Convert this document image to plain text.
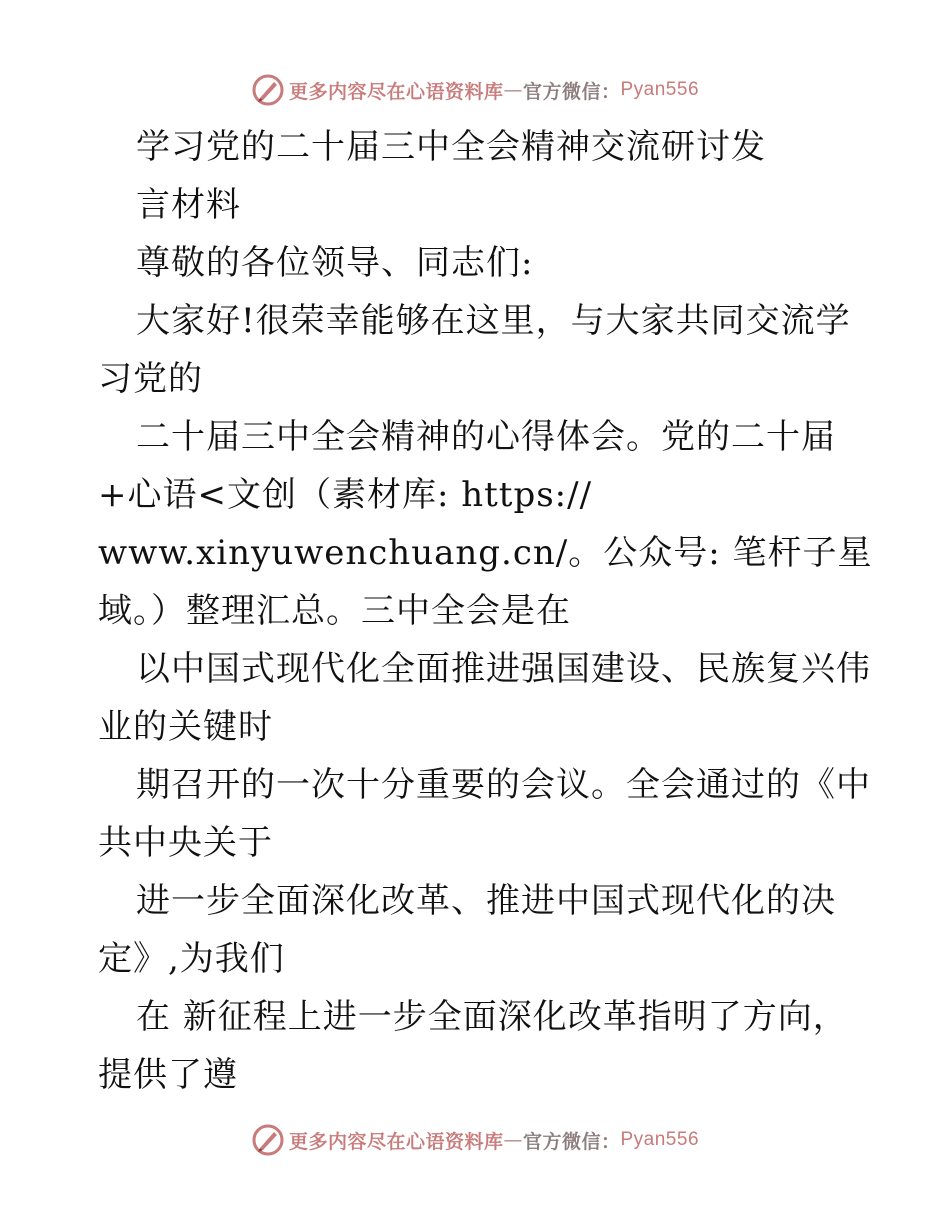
更多内容尽在心语资料库 — 官方微信： Pyan556
学习党的二十届三中全会精神交流研讨发
言材料
尊敬的各位领导、同志们:
大家好!很荣幸能够在这里，与大家共同交流学
习党的
二十届三中全会精神的心得体会。党的二十届
+心语<文创（素材库: https://
www.xinyuwenchuang.cn/。公众号: 笔杆子星
域。）整理汇总。三中全会是在
以中国式现代化全面推进强国建设、民族复兴伟
业的关键时
期召开的一次十分重要的会议。全会通过的《中
共中央关于
进一步全面深化改革、推进中国式现代化的决
定》,为我们
在 新征程上进一步全面深化改革指明了方向，
提供了遵
更多内容尽在心语资料库 — 官方微信： Pyan556
